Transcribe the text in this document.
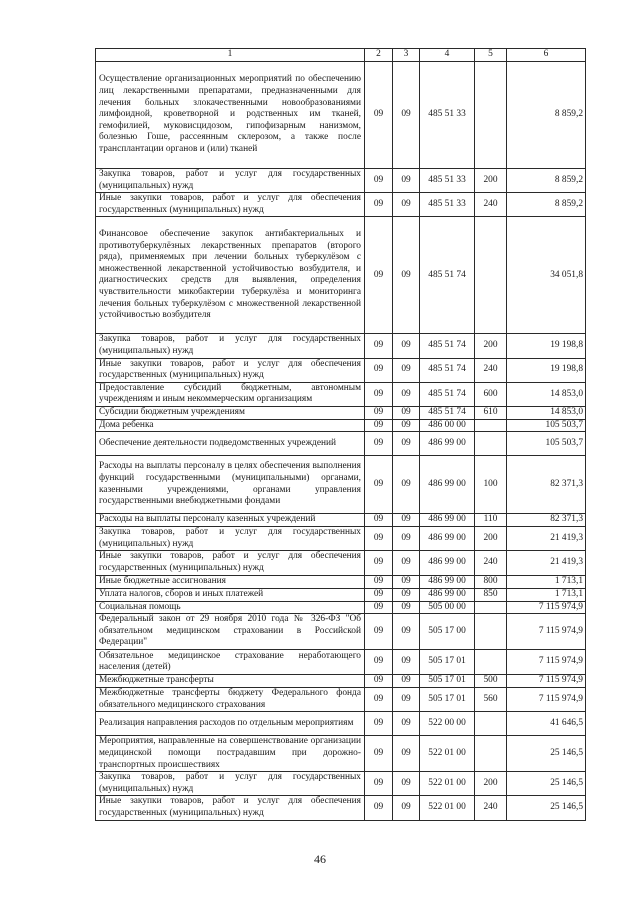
1	2	3	4	5	6
Осуществление организационных мероприятий по обеспечению лиц лекарственными препаратами, предназначенными для лечения больных злокачественными новообразованиями лимфоидной, кроветворной и родственных им тканей, гемофилией, муковисцидозом, гипофизарным нанизмом, болезнью Гоше, рассеянным склерозом, а также после трансплантации органов и (или) тканей	09	09	485 51 33		8 859,2
Закупка товаров, работ и услуг для государственных (муниципальных) нужд	09	09	485 51 33	200	8 859,2
Иные закупки товаров, работ и услуг для обеспечения государственных (муниципальных) нужд	09	09	485 51 33	240	8 859,2
Финансовое обеспечение закупок антибактериальных и противотуберкулёзных лекарственных препаратов (второго ряда), применяемых при лечении больных туберкулёзом с множественной лекарственной устойчивостью возбудителя, и диагностических средств для выявления, определения чувствительности микобактерии туберкулёза и мониторинга лечения больных туберкулёзом с множественной лекарственной устойчивостью возбудителя	09	09	485 51 74		34 051,8
Закупка товаров, работ и услуг для государственных (муниципальных) нужд	09	09	485 51 74	200	19 198,8
Иные закупки товаров, работ и услуг для обеспечения государственных (муниципальных) нужд	09	09	485 51 74	240	19 198,8
Предоставление субсидий бюджетным, автономным учреждениям и иным некоммерческим организациям	09	09	485 51 74	600	14 853,0
Субсидии бюджетным учреждениям	09	09	485 51 74	610	14 853,0
Дома ребенка	09	09	486 00 00		105 503,7
Обеспечение деятельности подведомственных учреждений	09	09	486 99 00		105 503,7
Расходы на выплаты персоналу в целях обеспечения выполнения функций государственными (муниципальными) органами, казенными учреждениями, органами управления государственными внебюджетными фондами	09	09	486 99 00	100	82 371,3
Расходы на выплаты персоналу казенных учреждений	09	09	486 99 00	110	82 371,3
Закупка товаров, работ и услуг для государственных (муниципальных) нужд	09	09	486 99 00	200	21 419,3
Иные закупки товаров, работ и услуг для обеспечения государственных (муниципальных) нужд	09	09	486 99 00	240	21 419,3
Иные бюджетные ассигнования	09	09	486 99 00	800	1 713,1
Уплата налогов, сборов и иных платежей	09	09	486 99 00	850	1 713,1
Социальная помощь	09	09	505 00 00		7 115 974,9
Федеральный закон от 29 ноября 2010 года № 326-ФЗ "Об обязательном медицинском страховании в Российской Федерации"	09	09	505 17 00		7 115 974,9
Обязательное медицинское страхование неработающего населения (детей)	09	09	505 17 01		7 115 974,9
Межбюджетные трансферты	09	09	505 17 01	500	7 115 974,9
Межбюджетные трансферты бюджету Федерального фонда обязательного медицинского страхования	09	09	505 17 01	560	7 115 974,9
Реализация направления расходов по отдельным мероприятиям	09	09	522 00 00		41 646,5
Мероприятия, направленные на совершенствование организации медицинской помощи пострадавшим при дорожно-транспортных происшествиях	09	09	522 01 00		25 146,5
Закупка товаров, работ и услуг для государственных (муниципальных) нужд	09	09	522 01 00	200	25 146,5
Иные закупки товаров, работ и услуг для обеспечения государственных (муниципальных) нужд	09	09	522 01 00	240	25 146,5
46
